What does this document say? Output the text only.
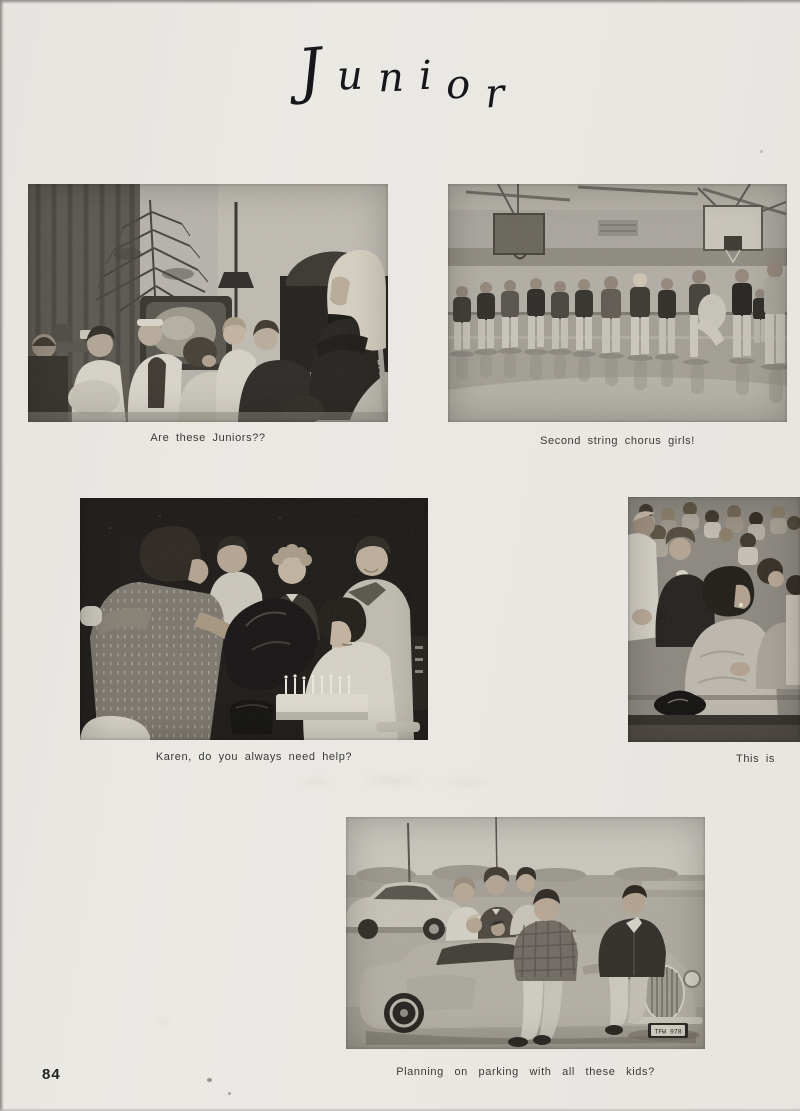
J u n i o r
Are these Juniors??	Second string chorus girls!
Karen, do you always need help?	This is
TFW 978
Planning on parking with all these kids?
84
